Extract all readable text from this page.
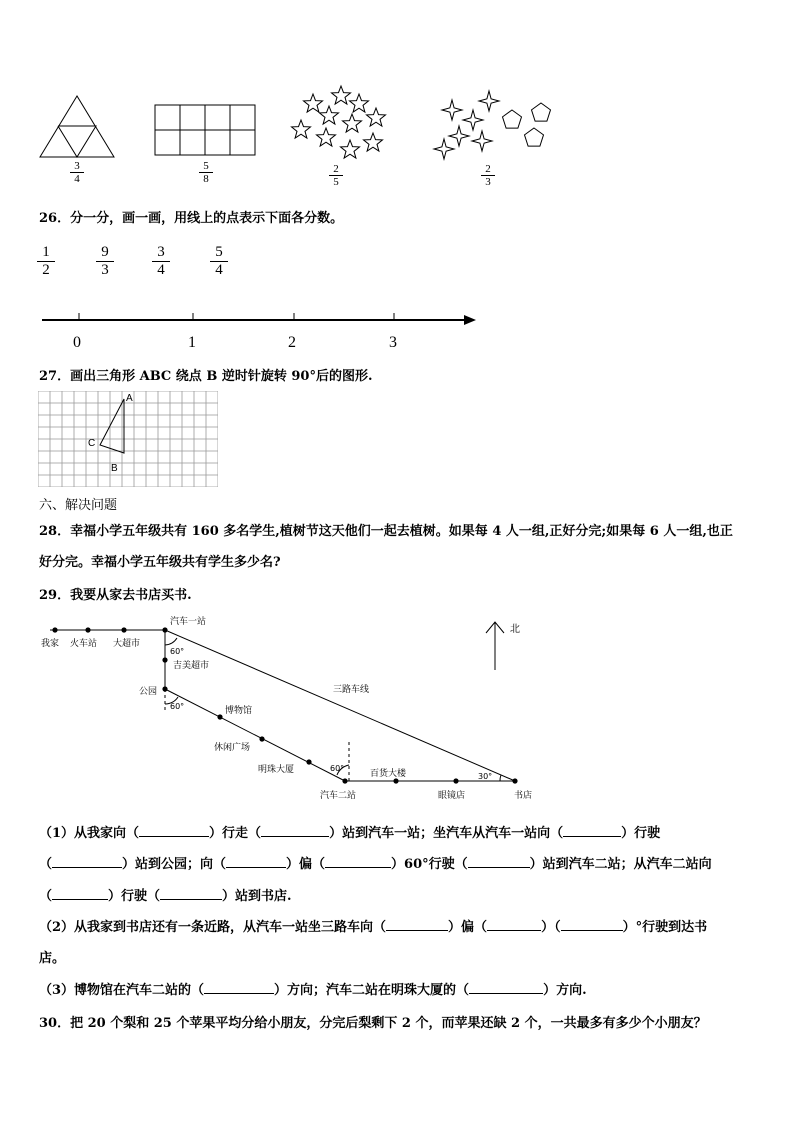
3
4
5
8
2
5
2
3
26．分一分，画一画，用线上的点表示下面各分数。
1
2
9
3
3
4
5
4
0	1	2	3
27．画出三角形 ABC 绕点 B 逆时针旋转 90°后的图形.
A
B
C
六、解决问题
28．幸福小学五年级共有 160 多名学生,植树节这天他们一起去植树。如果每 4 人一组,正好分完;如果每 6 人一组,也正
好分完。幸福小学五年级共有学生多少名?
29．我要从家去书店买书.
汽车一站
我家 火车站 大超市
60°
吉美超市
公园
60°	博物馆
休闲广场
明珠大厦	60°
汽车二站
百货大楼
眼镜店	书店
30°
三路车线
北
（1）从我家向（	）行走（	）站到汽车一站；坐汽车从汽车一站向（	）行驶
（	）站到公园；向（	）偏（	）60°行驶（	）站到汽车二站；从汽车二站向
（	）行驶（	）站到书店.
（2）从我家到书店还有一条近路，从汽车一站坐三路车向（	）偏（	）（	）°行驶到达书
店。
（3）博物馆在汽车二站的（	）方向；汽车二站在明珠大厦的（	）方向.
30．把 20 个梨和 25 个苹果平均分给小朋友，分完后梨剩下 2 个，而苹果还缺 2 个，一共最多有多少个小朋友？
